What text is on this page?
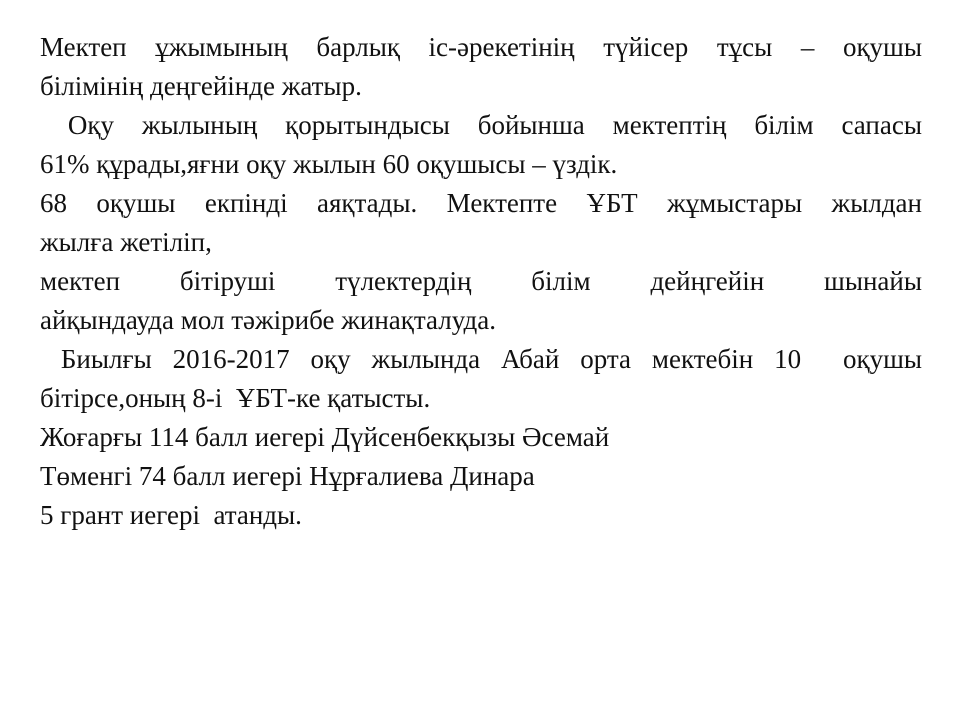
Мектеп ұжымының барлық іс-әрекетінің түйісер тұсы – оқушы
білімінің деңгейінде жатыр.
Оқу жылының қорытындысы бойынша мектептің білім сапасы
61% құрады,яғни оқу жылын 60 оқушысы – үздік.
68 оқушы екпінді аяқтады. Мектепте ҰБТ жұмыстары жылдан
жылға жетіліп,
мектеп бітіруші түлектердің білім дейңгейін шынайы
айқындауда мол тәжірибе жинақталуда.
Биылғы 2016-2017 оқу жылында Абай орта мектебін 10  оқушы
бітірсе,оның 8-і  ҰБТ-ке қатысты.
Жоғарғы 114 балл иегері Дүйсенбекқызы Әсемай
Төменгі 74 балл иегері Нұрғалиева Динара
5 грант иегері  атанды.
